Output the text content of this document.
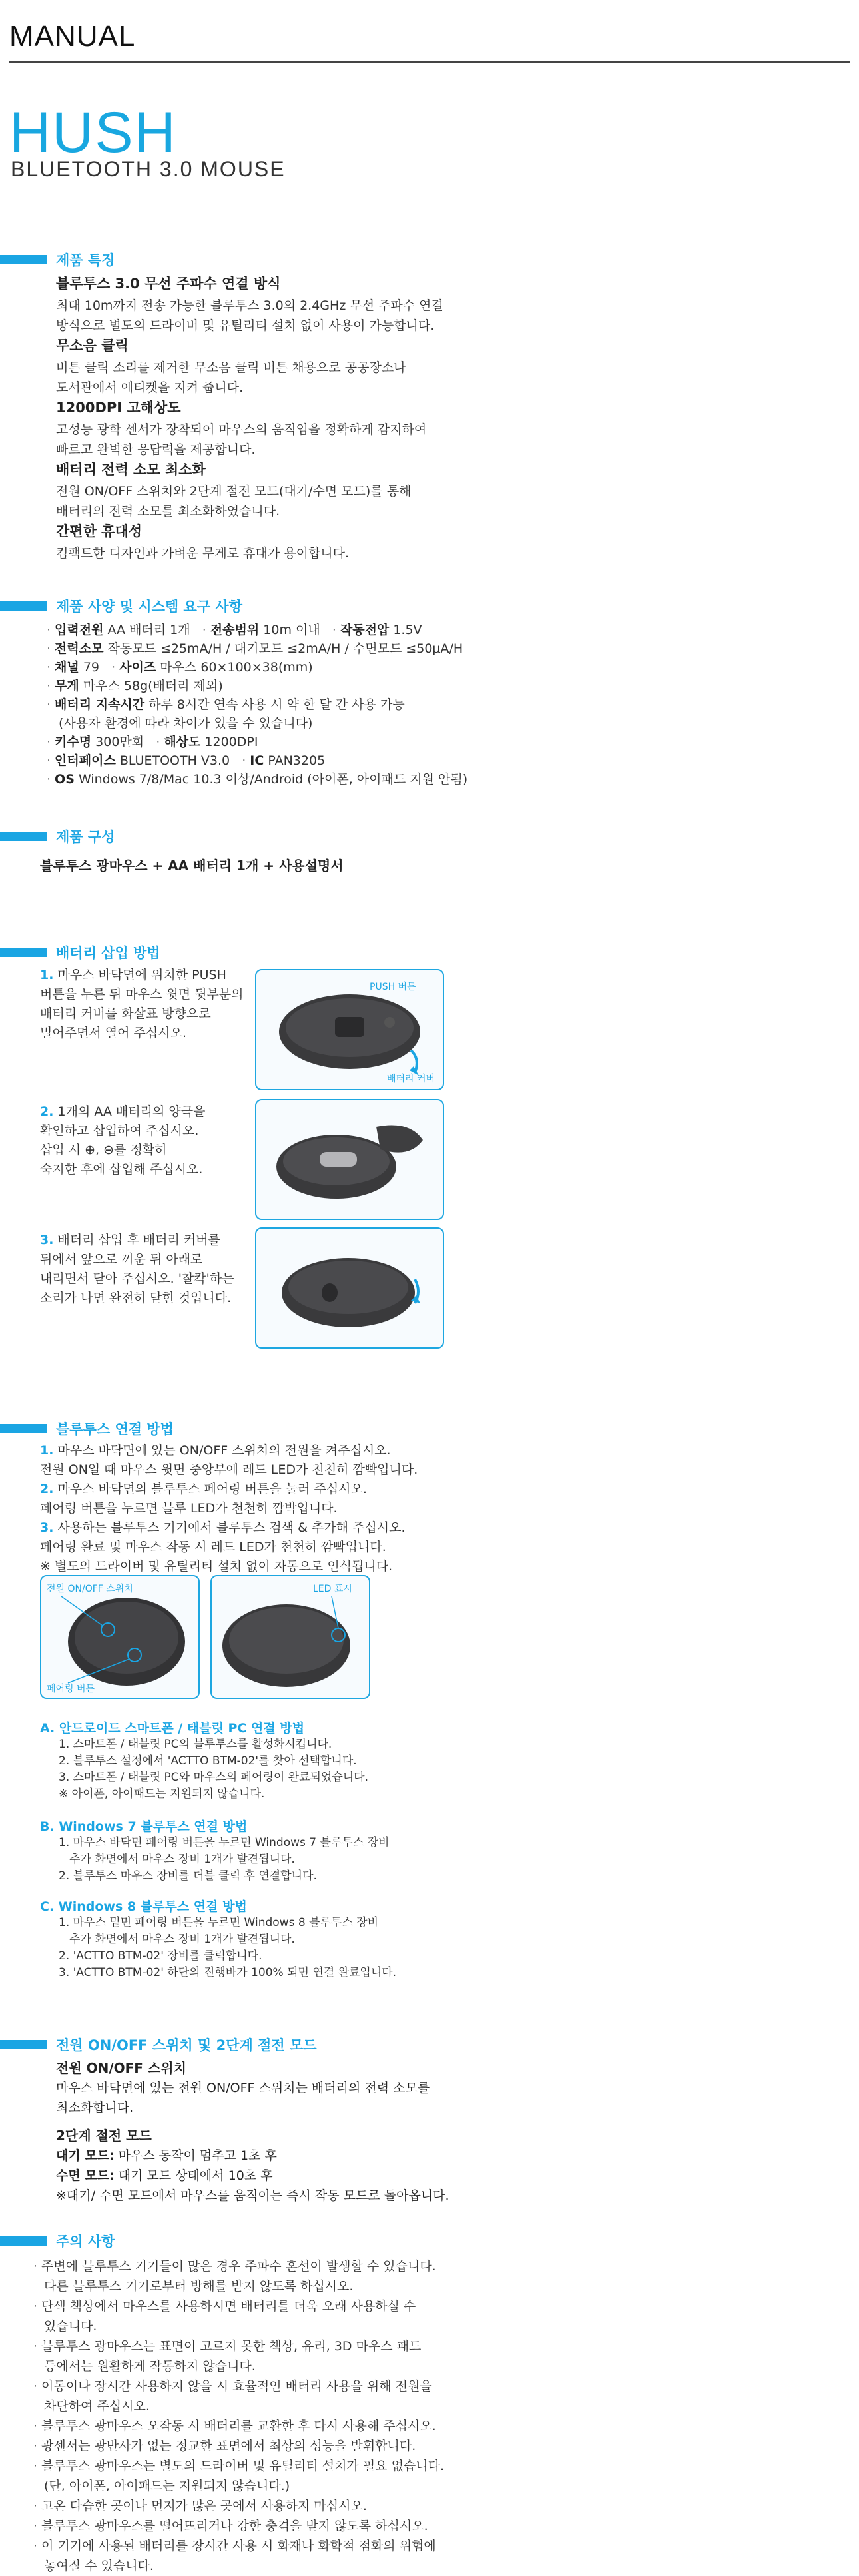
MANUAL
HUSH
BLUETOOTH 3.0 MOUSE
제품 특징
블루투스 3.0 무선 주파수 연결 방식
최대 10m까지 전송 가능한 블루투스 3.0의 2.4GHz 무선 주파수 연결
방식으로 별도의 드라이버 및 유틸리티 설치 없이 사용이 가능합니다.
무소음 클릭
버튼 클릭 소리를 제거한 무소음 클릭 버튼 채용으로 공공장소나
도서관에서 에티켓을 지켜 줍니다.
1200DPI 고해상도
고성능 광학 센서가 장착되어 마우스의 움직임을 정확하게 감지하여
빠르고 완벽한 응답력을 제공합니다.
배터리 전력 소모 최소화
전원 ON/OFF 스위치와 2단계 절전 모드(대기/수면 모드)를 통해
배터리의 전력 소모를 최소화하였습니다.
간편한 휴대성
컴팩트한 디자인과 가벼운 무게로 휴대가 용이합니다.
제품 사양 및 시스템 요구 사항
· 입력전원 AA 배터리 1개 · 전송범위 10m 이내 · 작동전압 1.5V
· 전력소모 작동모드 ≤25mA/H / 대기모드 ≤2mA/H / 수면모드 ≤50μA/H
· 채널 79 · 사이즈 마우스 60×100×38(mm)
· 무게 마우스 58g(배터리 제외)
· 배터리 지속시간 하루 8시간 연속 사용 시 약 한 달 간 사용 가능
(사용자 환경에 따라 차이가 있을 수 있습니다)
· 키수명 300만회 · 해상도 1200DPI
· 인터페이스 BLUETOOTH V3.0 · IC PAN3205
· OS Windows 7/8/Mac 10.3 이상/Android (아이폰, 아이패드 지원 안됨)
제품 구성
블루투스 광마우스 + AA 배터리 1개 + 사용설명서
배터리 삽입 방법
1. 마우스 바닥면에 위치한 PUSH
버튼을 누른 뒤 마우스 윗면 뒷부분의
배터리 커버를 화살표 방향으로
밀어주면서 열어 주십시오.
PUSH 버튼
배터리 커버
2. 1개의 AA 배터리의 양극을
확인하고 삽입하여 주십시오.
삽입 시 ⊕, ⊖를 정확히
숙지한 후에 삽입해 주십시오.
3. 배터리 삽입 후 배터리 커버를
뒤에서 앞으로 끼운 뒤 아래로
내리면서 닫아 주십시오. '찰칵'하는
소리가 나면 완전히 닫힌 것입니다.
블루투스 연결 방법
1. 마우스 바닥면에 있는 ON/OFF 스위치의 전원을 켜주십시오.
전원 ON일 때 마우스 윗면 중앙부에 레드 LED가 천천히 깜빡입니다.
2. 마우스 바닥면의 블루투스 페어링 버튼을 눌러 주십시오.
페어링 버튼을 누르면 블루 LED가 천천히 깜박입니다.
3. 사용하는 블루투스 기기에서 블루투스 검색 & 추가해 주십시오.
페어링 완료 및 마우스 작동 시 레드 LED가 천천히 깜빡입니다.
※ 별도의 드라이버 및 유틸리티 설치 없이 자동으로 인식됩니다.
전원 ON/OFF 스위치
페어링 버튼
LED 표시
A. 안드로이드 스마트폰 / 태블릿 PC 연결 방법
1. 스마트폰 / 태블릿 PC의 블루투스를 활성화시킵니다.
2. 블루투스 설정에서 'ACTTO BTM-02'를 찾아 선택합니다.
3. 스마트폰 / 태블릿 PC와 마우스의 페어링이 완료되었습니다.
※ 아이폰, 아이패드는 지원되지 않습니다.
B. Windows 7 블루투스 연결 방법
1. 마우스 바닥면 페어링 버튼을 누르면 Windows 7 블루투스 장비
추가 화면에서 마우스 장비 1개가 발견됩니다.
2. 블루투스 마우스 장비를 더블 클릭 후 연결합니다.
C. Windows 8 블루투스 연결 방법
1. 마우스 밑면 페어링 버튼을 누르면 Windows 8 블루투스 장비
추가 화면에서 마우스 장비 1개가 발견됩니다.
2. 'ACTTO BTM-02' 장비를 클릭합니다.
3. 'ACTTO BTM-02' 하단의 진행바가 100% 되면 연결 완료입니다.
전원 ON/OFF 스위치 및 2단계 절전 모드
전원 ON/OFF 스위치
마우스 바닥면에 있는 전원 ON/OFF 스위치는 배터리의 전력 소모를
최소화합니다.
2단계 절전 모드
대기 모드: 마우스 동작이 멈추고 1초 후
수면 모드: 대기 모드 상태에서 10초 후
※대기/ 수면 모드에서 마우스를 움직이는 즉시 작동 모드로 돌아옵니다.
주의 사항
· 주변에 블루투스 기기들이 많은 경우 주파수 혼선이 발생할 수 있습니다.
다른 블루투스 기기로부터 방해를 받지 않도록 하십시오.
· 단색 책상에서 마우스를 사용하시면 배터리를 더욱 오래 사용하실 수
있습니다.
· 블루투스 광마우스는 표면이 고르지 못한 책상, 유리, 3D 마우스 패드
등에서는 원활하게 작동하지 않습니다.
· 이동이나 장시간 사용하지 않을 시 효율적인 배터리 사용을 위해 전원을
차단하여 주십시오.
· 블루투스 광마우스 오작동 시 배터리를 교환한 후 다시 사용해 주십시오.
· 광센서는 광반사가 없는 정교한 표면에서 최상의 성능을 발휘합니다.
· 블루투스 광마우스는 별도의 드라이버 및 유틸리티 설치가 필요 없습니다.
(단, 아이폰, 아이패드는 지원되지 않습니다.)
· 고온 다습한 곳이나 먼지가 많은 곳에서 사용하지 마십시오.
· 블루투스 광마우스를 떨어뜨리거나 강한 충격을 받지 않도록 하십시오.
· 이 기기에 사용된 배터리를 장시간 사용 시 화재나 화학적 점화의 위험에
놓여질 수 있습니다.
